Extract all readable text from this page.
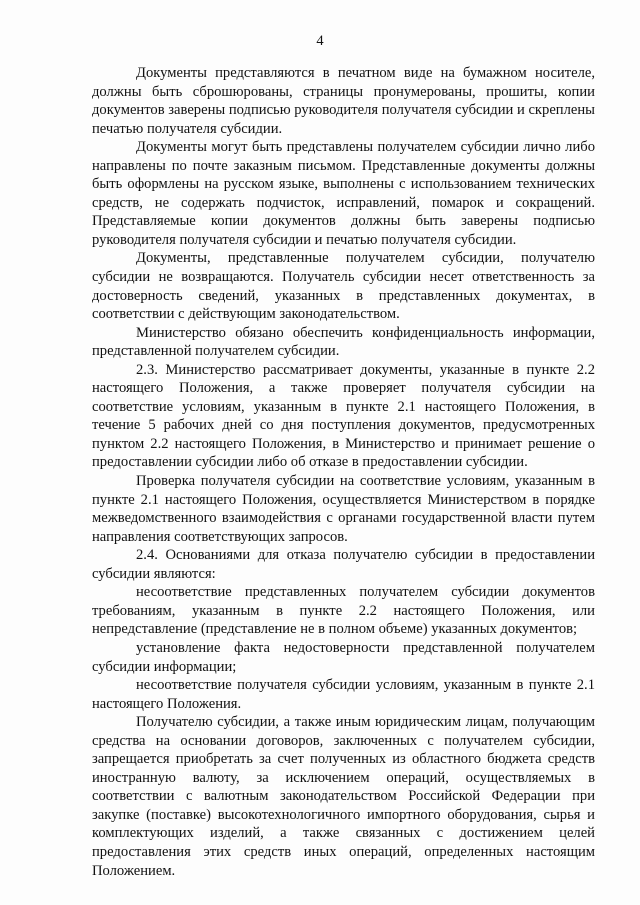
4

Документы представляются в печатном виде на бумажном носителе, должны быть сброшюрованы, страницы пронумерованы, прошиты, копии документов заверены подписью руководителя получателя субсидии и скреплены печатью получателя субсидии.

Документы могут быть представлены получателем субсидии лично либо направлены по почте заказным письмом. Представленные документы должны быть оформлены на русском языке, выполнены с использованием технических средств, не содержать подчисток, исправлений, помарок и сокращений. Представляемые копии документов должны быть заверены подписью руководителя получателя субсидии и печатью получателя субсидии.

Документы, представленные получателем субсидии, получателю субсидии не возвращаются. Получатель субсидии несет ответственность за достоверность сведений, указанных в представленных документах, в соответствии с действующим законодательством.

Министерство обязано обеспечить конфиденциальность информации, представленной получателем субсидии.

2.3. Министерство рассматривает документы, указанные в пункте 2.2 настоящего Положения, а также проверяет получателя субсидии на соответствие условиям, указанным в пункте 2.1 настоящего Положения, в течение 5 рабочих дней со дня поступления документов, предусмотренных пунктом 2.2 настоящего Положения, в Министерство и принимает решение о предоставлении субсидии либо об отказе в предоставлении субсидии.

Проверка получателя субсидии на соответствие условиям, указанным в пункте 2.1 настоящего Положения, осуществляется Министерством в порядке межведомственного взаимодействия с органами государственной власти путем направления соответствующих запросов.

2.4. Основаниями для отказа получателю субсидии в предоставлении субсидии являются:

несоответствие представленных получателем субсидии документов требованиям, указанным в пункте 2.2 настоящего Положения, или непредставление (представление не в полном объеме) указанных документов;

установление факта недостоверности представленной получателем субсидии информации;

несоответствие получателя субсидии условиям, указанным в пункте 2.1 настоящего Положения.

Получателю субсидии, а также иным юридическим лицам, получающим средства на основании договоров, заключенных с получателем субсидии, запрещается приобретать за счет полученных из областного бюджета средств иностранную валюту, за исключением операций, осуществляемых в соответствии с валютным законодательством Российской Федерации при закупке (поставке) высокотехнологичного импортного оборудования, сырья и комплектующих изделий, а также связанных с достижением целей предоставления этих средств иных операций, определенных настоящим Положением.
